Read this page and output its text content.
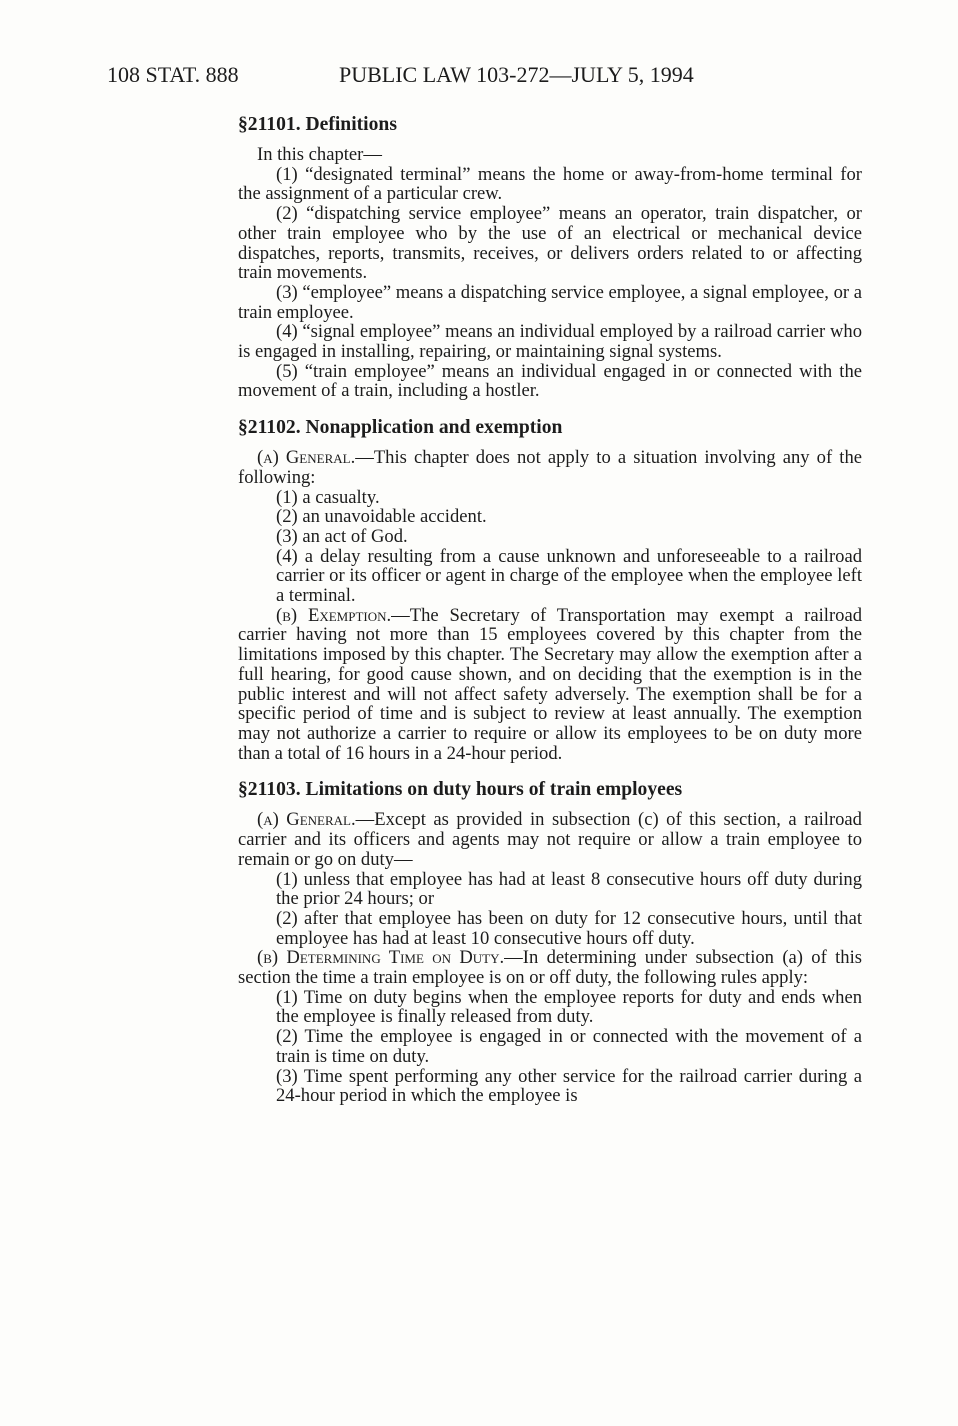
108 STAT. 888	PUBLIC LAW 103-272—JULY 5, 1994
§21101. Definitions

In this chapter—

(1) “designated terminal” means the home or away-from-home terminal for the assignment of a particular crew.

(2) “dispatching service employee” means an operator, train dispatcher, or other train employee who by the use of an electrical or mechanical device dispatches, reports, transmits, receives, or delivers orders related to or affecting train movements.

(3) “employee” means a dispatching service employee, a signal employee, or a train employee.

(4) “signal employee” means an individual employed by a railroad carrier who is engaged in installing, repairing, or maintaining signal systems.

(5) “train employee” means an individual engaged in or connected with the movement of a train, including a hostler.

§21102. Nonapplication and exemption

(a) General.—This chapter does not apply to a situation involving any of the following:

(1) a casualty.

(2) an unavoidable accident.

(3) an act of God.

(4) a delay resulting from a cause unknown and unforeseeable to a railroad carrier or its officer or agent in charge of the employee when the employee left a terminal.

(b) Exemption.—The Secretary of Transportation may exempt a railroad carrier having not more than 15 employees covered by this chapter from the limitations imposed by this chapter. The Secretary may allow the exemption after a full hearing, for good cause shown, and on deciding that the exemption is in the public interest and will not affect safety adversely. The exemption shall be for a specific period of time and is subject to review at least annually. The exemption may not authorize a carrier to require or allow its employees to be on duty more than a total of 16 hours in a 24-hour period.

§21103. Limitations on duty hours of train employees

(a) General.—Except as provided in subsection (c) of this section, a railroad carrier and its officers and agents may not require or allow a train employee to remain or go on duty—

(1) unless that employee has had at least 8 consecutive hours off duty during the prior 24 hours; or

(2) after that employee has been on duty for 12 consecutive hours, until that employee has had at least 10 consecutive hours off duty.

(b) Determining Time on Duty.—In determining under subsection (a) of this section the time a train employee is on or off duty, the following rules apply:

(1) Time on duty begins when the employee reports for duty and ends when the employee is finally released from duty.

(2) Time the employee is engaged in or connected with the movement of a train is time on duty.

(3) Time spent performing any other service for the railroad carrier during a 24-hour period in which the employee is
